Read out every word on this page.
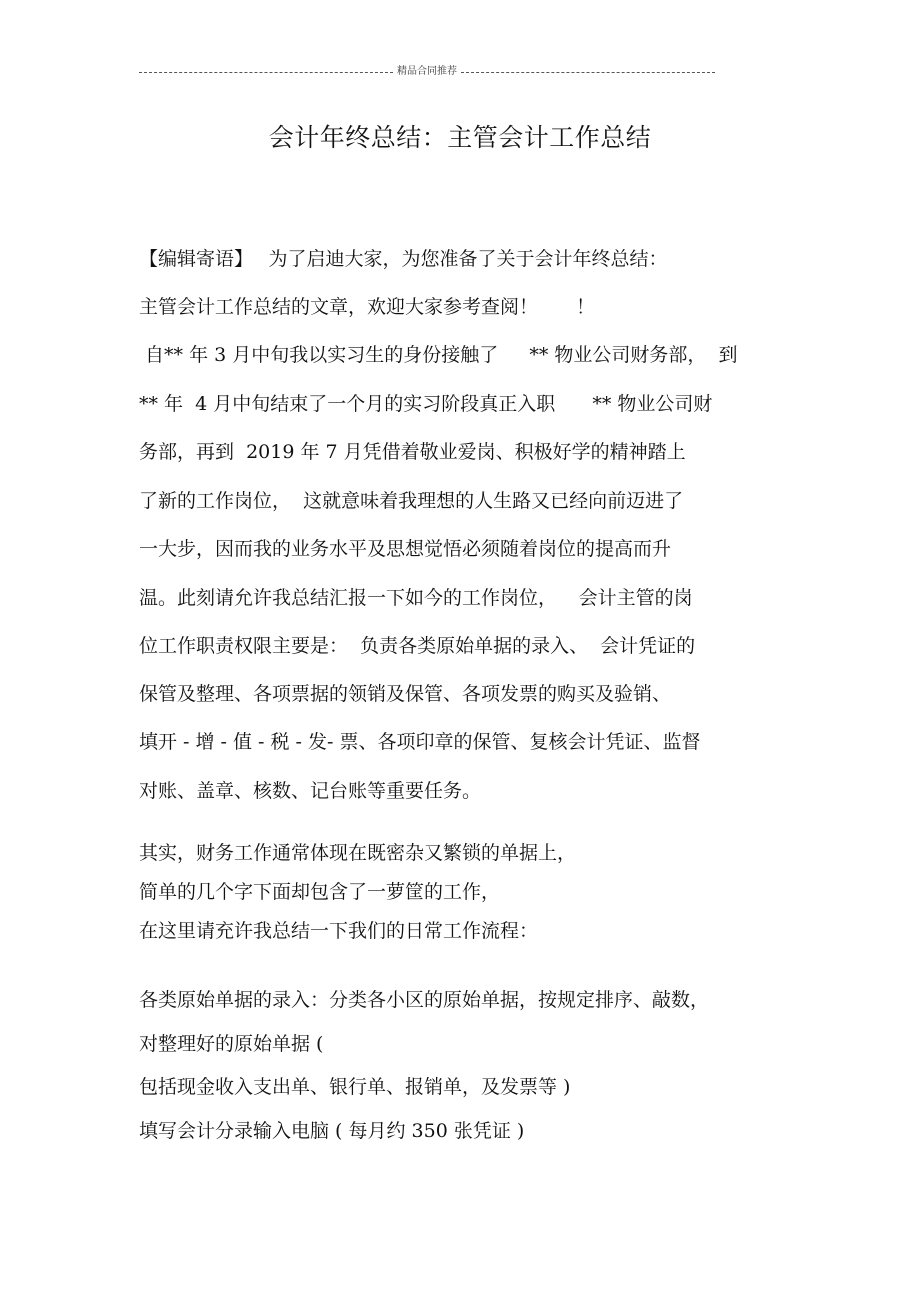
精品合同推荐
会计年终总结：主管会计工作总结
【编辑寄语】　 为了启迪大家，为您准备了关于会计年终总结：
主管会计工作总结的文章，欢迎大家参考查阅！　　！
自** 年 3 月中旬我以实习生的身份接触了　  ** 物业公司财务部，  到
** 年  4 月中旬结束了一个月的实习阶段真正入职　   ** 物业公司财
务部，再到  2019 年 7 月凭借着敬业爱岗、积极好学的精神踏上
了新的工作岗位，  这就意味着我理想的人生路又已经向前迈进了
一大步，因而我的业务水平及思想觉悟必须随着岗位的提高而升
温。此刻请允许我总结汇报一下如今的工作岗位，　  会计主管的岗
位工作职责权限主要是：  负责各类原始单据的录入、  会计凭证的
保管及整理、各项票据的领销及保管、各项发票的购买及验销、
填开 - 增 - 值 - 税 - 发- 票、各项印章的保管、复核会计凭证、监督
对账、盖章、核数、记台账等重要任务。
其实，财务工作通常体现在既密杂又繁锁的单据上，
简单的几个字下面却包含了一萝筐的工作，
在这里请充许我总结一下我们的日常工作流程：
各类原始单据的录入：分类各小区的原始单据，按规定排序、敲数，
对整理好的原始单据 (
包括现金收入支出单、银行单、报销单，及发票等 )
填写会计分录输入电脑 ( 每月约 350 张凭证 )
